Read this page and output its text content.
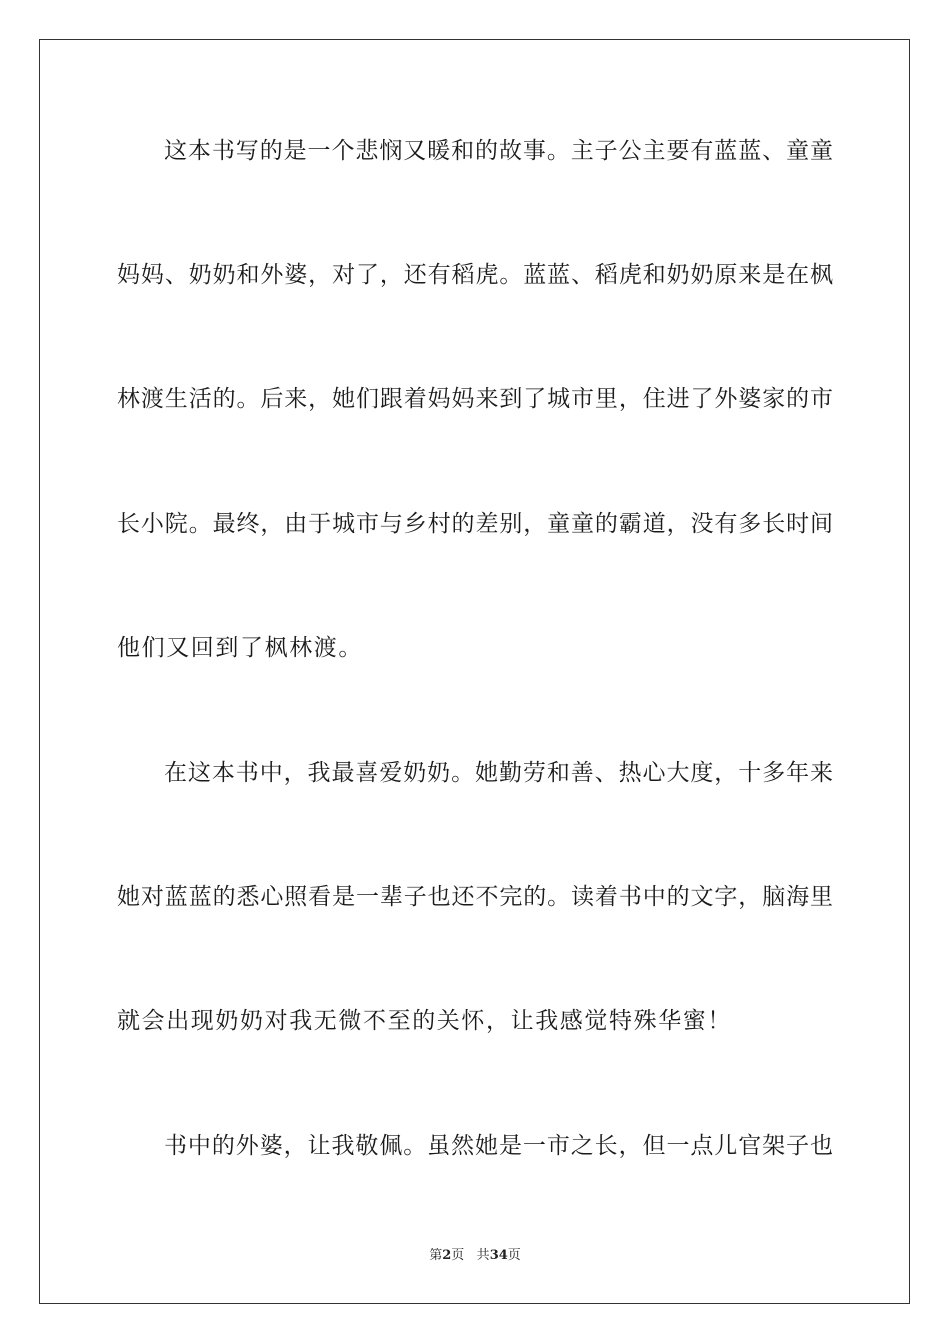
这本书写的是一个悲悯又暖和的故事。主子公主要有蓝蓝、童童
妈妈、奶奶和外婆，对了，还有稻虎。蓝蓝、稻虎和奶奶原来是在枫
林渡生活的。后来，她们跟着妈妈来到了城市里，住进了外婆家的市
长小院。最终，由于城市与乡村的差别，童童的霸道，没有多长时间
他们又回到了枫林渡。
在这本书中，我最喜爱奶奶。她勤劳和善、热心大度，十多年来
她对蓝蓝的悉心照看是一辈子也还不完的。读着书中的文字，脑海里
就会出现奶奶对我无微不至的关怀，让我感觉特殊华蜜！
书中的外婆，让我敬佩。虽然她是一市之长，但一点儿官架子也
第2页 共34页
